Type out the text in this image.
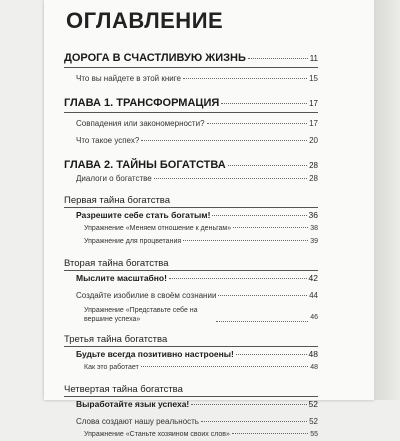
ОГЛАВЛЕНИЕ
ДОРОГА В СЧАСТЛИВУЮ ЖИЗНЬ	11
Что вы найдете в этой книге	15
ГЛАВА 1. ТРАНСФОРМАЦИЯ	17
Совпадения или закономерности?	17
Что такое успех?	20
ГЛАВА 2. ТАЙНЫ БОГАТСТВА	28
Диалоги о богатстве	28
Первая тайна богатства
Разрешите себе стать богатым!	36
Упражнение «Меняем отношение к деньгам»	38
Упражнение для процветания	39
Вторая тайна богатства
Мыслите масштабно!	42
Создайте изобилие в своём сознании	44
Упражнение «Представьте себе на вершине успеха»	46
Третья тайна богатства
Будьте всегда позитивно настроены!	48
Как это работает	48
Четвертая тайна богатства
Выработайте язык успеха!	52
Слова создают нашу реальность	52
Упражнение «Станьте хозяином своих слов»	55
